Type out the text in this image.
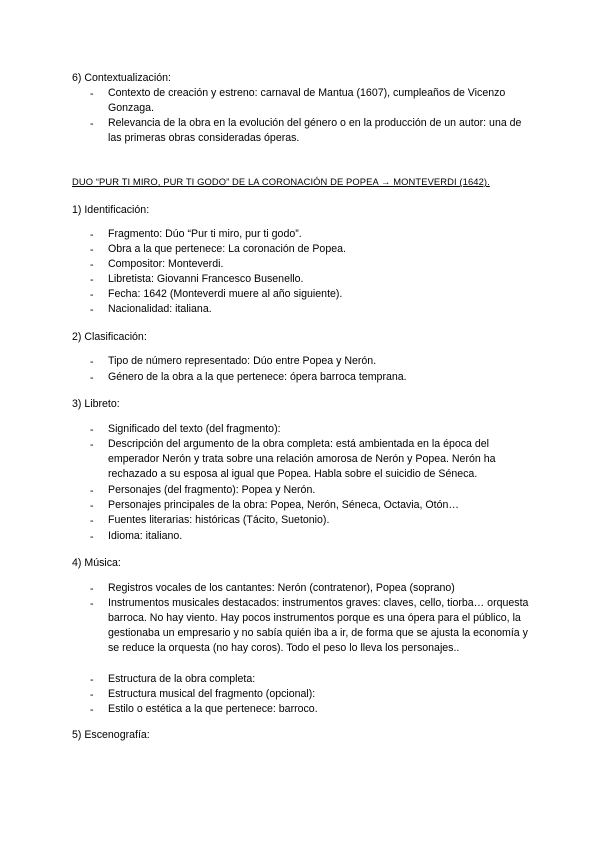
6) Contextualización:
- Contexto de creación y estreno: carnaval de Mantua (1607), cumpleaños de Vicenzo Gonzaga.
- Relevancia de la obra en la evolución del género o en la producción de un autor: una de las primeras obras consideradas óperas.
DUO “PUR TI MIRO, PUR TI GODO” DE LA CORONACIÓN DE POPEA → MONTEVERDI (1642).
1) Identificación:
- Fragmento: Dúo “Pur ti miro, pur ti godo”.
- Obra a la que pertenece: La coronación de Popea.
- Compositor: Monteverdi.
- Libretista: Giovanni Francesco Busenello.
- Fecha: 1642 (Monteverdi muere al año siguiente).
- Nacionalidad: italiana.
2) Clasificación:
- Tipo de número representado: Dúo entre Popea y Nerón.
- Género de la obra a la que pertenece: ópera barroca temprana.
3) Libreto:
- Significado del texto (del fragmento):
- Descripción del argumento de la obra completa: está ambientada en la época del emperador Nerón y trata sobre una relación amorosa de Nerón y Popea. Nerón ha rechazado a su esposa al igual que Popea. Habla sobre el suicidio de Séneca.
- Personajes (del fragmento): Popea y Nerón.
- Personajes principales de la obra: Popea, Nerón, Séneca, Octavia, Otón…
- Fuentes literarias: históricas (Tácito, Suetonio).
- Idioma: italiano.
4) Música:
- Registros vocales de los cantantes: Nerón (contratenor), Popea (soprano)
- Instrumentos musicales destacados: instrumentos graves: claves, cello, tiorba… orquesta barroca. No hay viento. Hay pocos instrumentos porque es una ópera para el público, la gestionaba un empresario y no sabía quién iba a ir, de forma que se ajusta la economía y se reduce la orquesta (no hay coros). Todo el peso lo lleva los personajes..
- Estructura de la obra completa:
- Estructura musical del fragmento (opcional):
- Estilo o estética a la que pertenece: barroco.
5) Escenografía:
